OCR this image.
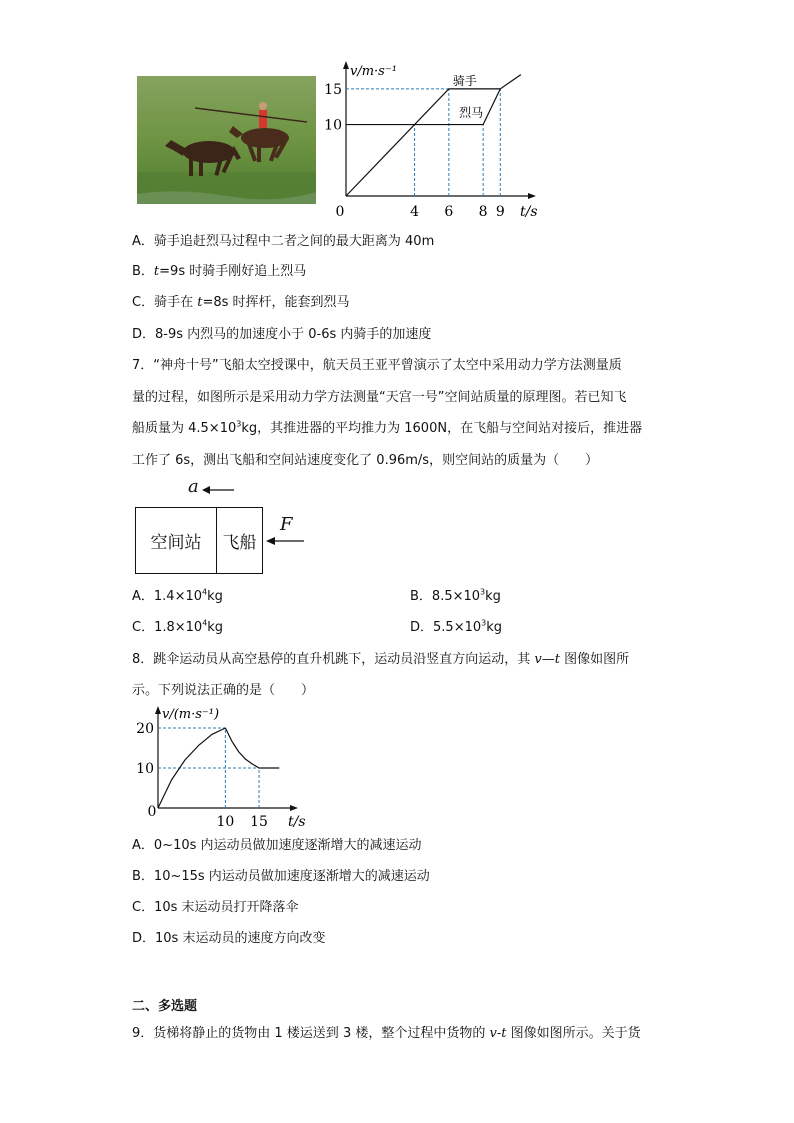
15
10
0	4 6 8 9
v/m·s⁻¹
t/s
骑手
烈马
A．骑手追赶烈马过程中二者之间的最大距离为 40m
B．t=9s 时骑手刚好追上烈马
C．骑手在 t=8s 时挥杆，能套到烈马
D．8-9s 内烈马的加速度小于 0-6s 内骑手的加速度
7．“神舟十号”飞船太空授课中，航天员王亚平曾演示了太空中采用动力学方法测量质
量的过程，如图所示是采用动力学方法测量“天宫一号”空间站质量的原理图。若已知飞
船质量为 $4.5\times 10^3kg$，其推进器的平均推力为 1600N，在飞船与空间站对接后，推进器
工作了 6s，测出飞船和空间站速度变化了 0.96m/s，则空间站的质量为（　　）
a
空间站	飞船
F
A．$1.4\times 10^4kg$	B．$8.5\times 10^3kg$
C．$1.8\times 10^4kg$	D．$5.5\times 10^3kg$
8．跳伞运动员从高空悬停的直升机跳下，运动员沿竖直方向运动，其 v—t 图像如图所
示。下列说法正确的是（　　）
20
10
0
10 15
v/(m·s⁻¹)
t/s
A．0~10s 内运动员做加速度逐渐增大的减速运动
B．10~15s 内运动员做加速度逐渐增大的减速运动
C．10s 末运动员打开降落伞
D．10s 末运动员的速度方向改变
二、多选题
9．货梯将静止的货物由 1 楼运送到 3 楼，整个过程中货物的 v-t 图像如图所示。关于货
